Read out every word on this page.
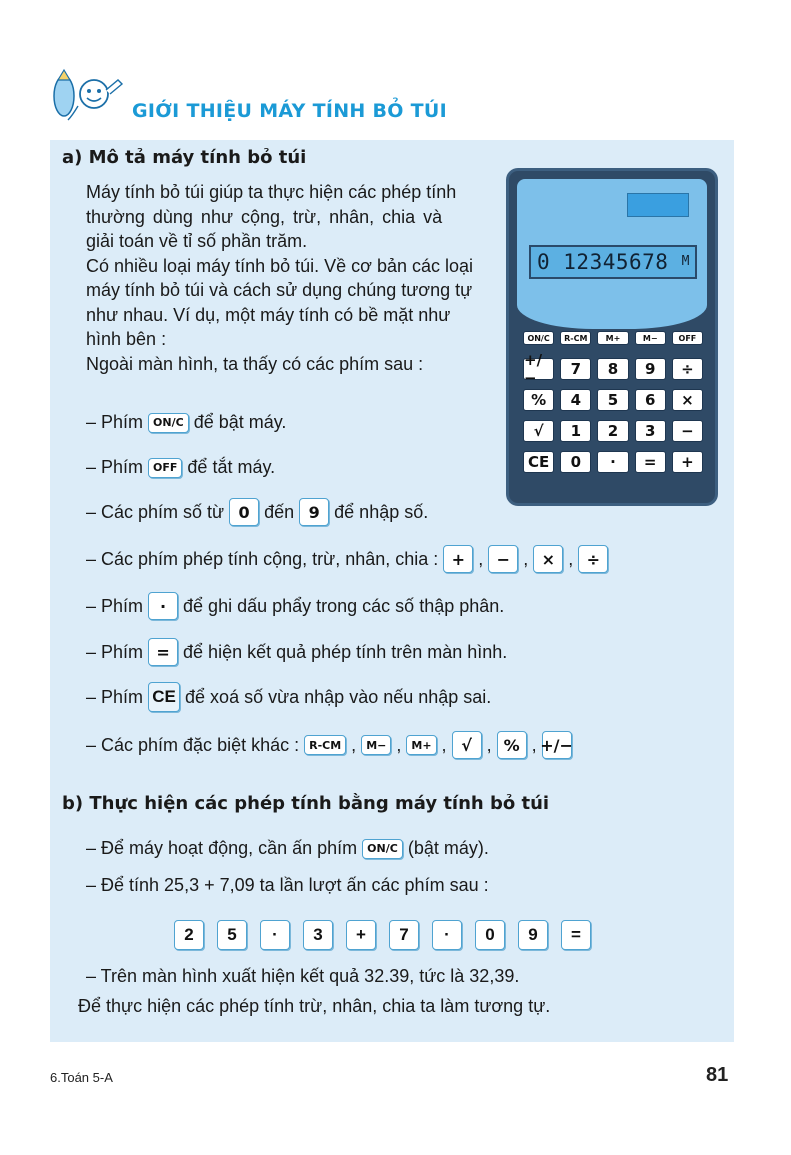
GIỚI THIỆU MÁY TÍNH BỎ TÚI
a) Mô tả máy tính bỏ túi
Máy tính bỏ túi giúp ta thực hiện các phép tính
thường dùng như cộng, trừ, nhân, chia và
giải toán về tỉ số phần trăm.
Có nhiều loại máy tính bỏ túi. Về cơ bản các loại
máy tính bỏ túi và cách sử dụng chúng tương tự
như nhau. Ví dụ, một máy tính có bề mặt như
hình bên :
Ngoài màn hình, ta thấy có các phím sau :
0 12345678 $^M$
ON/C	R-CM	M+	M−	OFF
+/−	7	8	9	÷
%	4	5	6	×
√	1	2	3	−
CE	0	·	=	+
– Phím ON/C để bật máy.
– Phím OFF để tắt máy.
– Các phím số từ 0 đến 9 để nhập số.
– Các phím phép tính cộng, trừ, nhân, chia : + , − , × , ÷
– Phím	· để ghi dấu phẩy trong các số thập phân.
– Phím = để hiện kết quả phép tính trên màn hình.
– Phím CE để xoá số vừa nhập vào nếu nhập sai.
– Các phím đặc biệt khác : R-CM , M− , M+ , √ , % , +/−
b) Thực hiện các phép tính bằng máy tính bỏ túi
– Để máy hoạt động, cần ấn phím ON/C (bật máy).
– Để tính 25,3 + 7,09 ta lần lượt ấn các phím sau :
2	5	·	3	+	7	·	0	9	=
– Trên màn hình xuất hiện kết quả 32.39, tức là 32,39.
Để thực hiện các phép tính trừ, nhân, chia ta làm tương tự.
6.Toán 5-A	81
